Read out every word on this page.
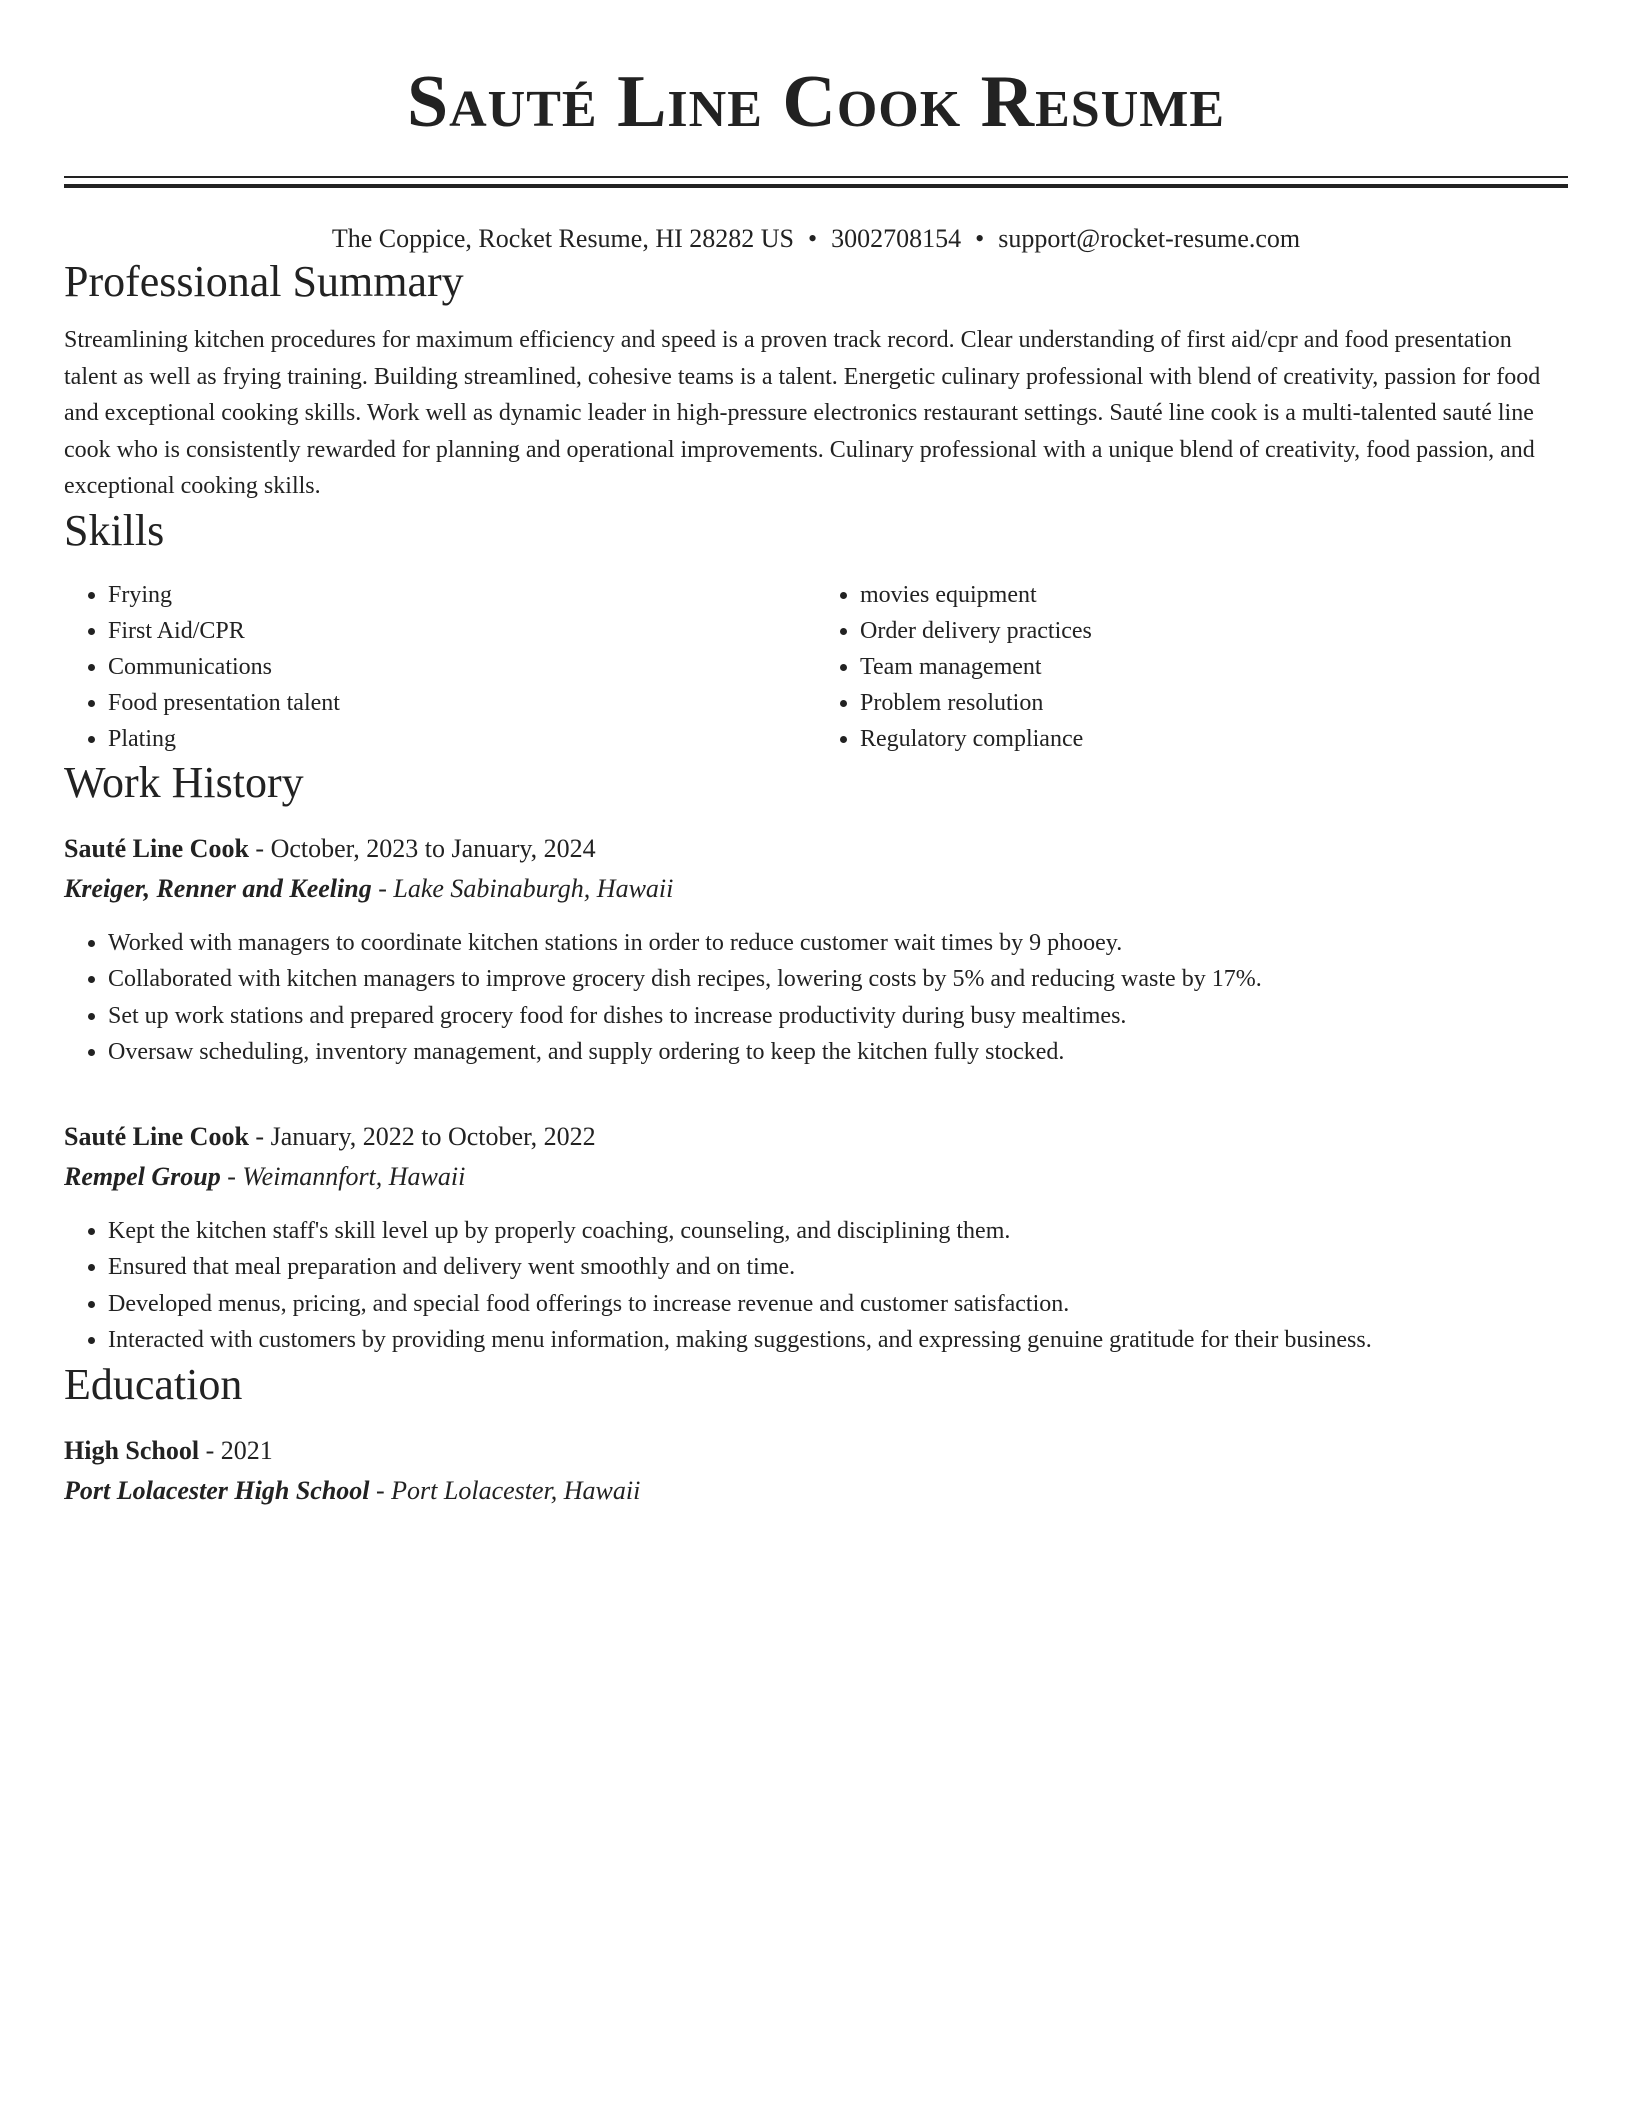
Sauté Line Cook Resume
The Coppice, Rocket Resume, HI 28282 US • 3002708154 • support@rocket-resume.com
Professional Summary

Streamlining kitchen procedures for maximum efficiency and speed is a proven track record. Clear understanding of first aid/cpr and food presentation talent as well as frying training. Building streamlined, cohesive teams is a talent. Energetic culinary professional with blend of creativity, passion for food and exceptional cooking skills. Work well as dynamic leader in high-pressure electronics restaurant settings. Sauté line cook is a multi-talented sauté line cook who is consistently rewarded for planning and operational improvements. Culinary professional with a unique blend of creativity, food passion, and exceptional cooking skills.

Skills
• Frying
• First Aid/CPR
• Communications
• Food presentation talent
• Plating
• movies equipment
• Order delivery practices
• Team management
• Problem resolution
• Regulatory compliance
Work History
Sauté Line Cook - October, 2023 to January, 2024
Kreiger, Renner and Keeling - Lake Sabinaburgh, Hawaii
• Worked with managers to coordinate kitchen stations in order to reduce customer wait times by 9 phooey.
• Collaborated with kitchen managers to improve grocery dish recipes, lowering costs by 5% and reducing waste by 17%.
• Set up work stations and prepared grocery food for dishes to increase productivity during busy mealtimes.
• Oversaw scheduling, inventory management, and supply ordering to keep the kitchen fully stocked.
Sauté Line Cook - January, 2022 to October, 2022
Rempel Group - Weimannfort, Hawaii
• Kept the kitchen staff's skill level up by properly coaching, counseling, and disciplining them.
• Ensured that meal preparation and delivery went smoothly and on time.
• Developed menus, pricing, and special food offerings to increase revenue and customer satisfaction.
• Interacted with customers by providing menu information, making suggestions, and expressing genuine gratitude for their business.
Education
High School - 2021
Port Lolacester High School - Port Lolacester, Hawaii
